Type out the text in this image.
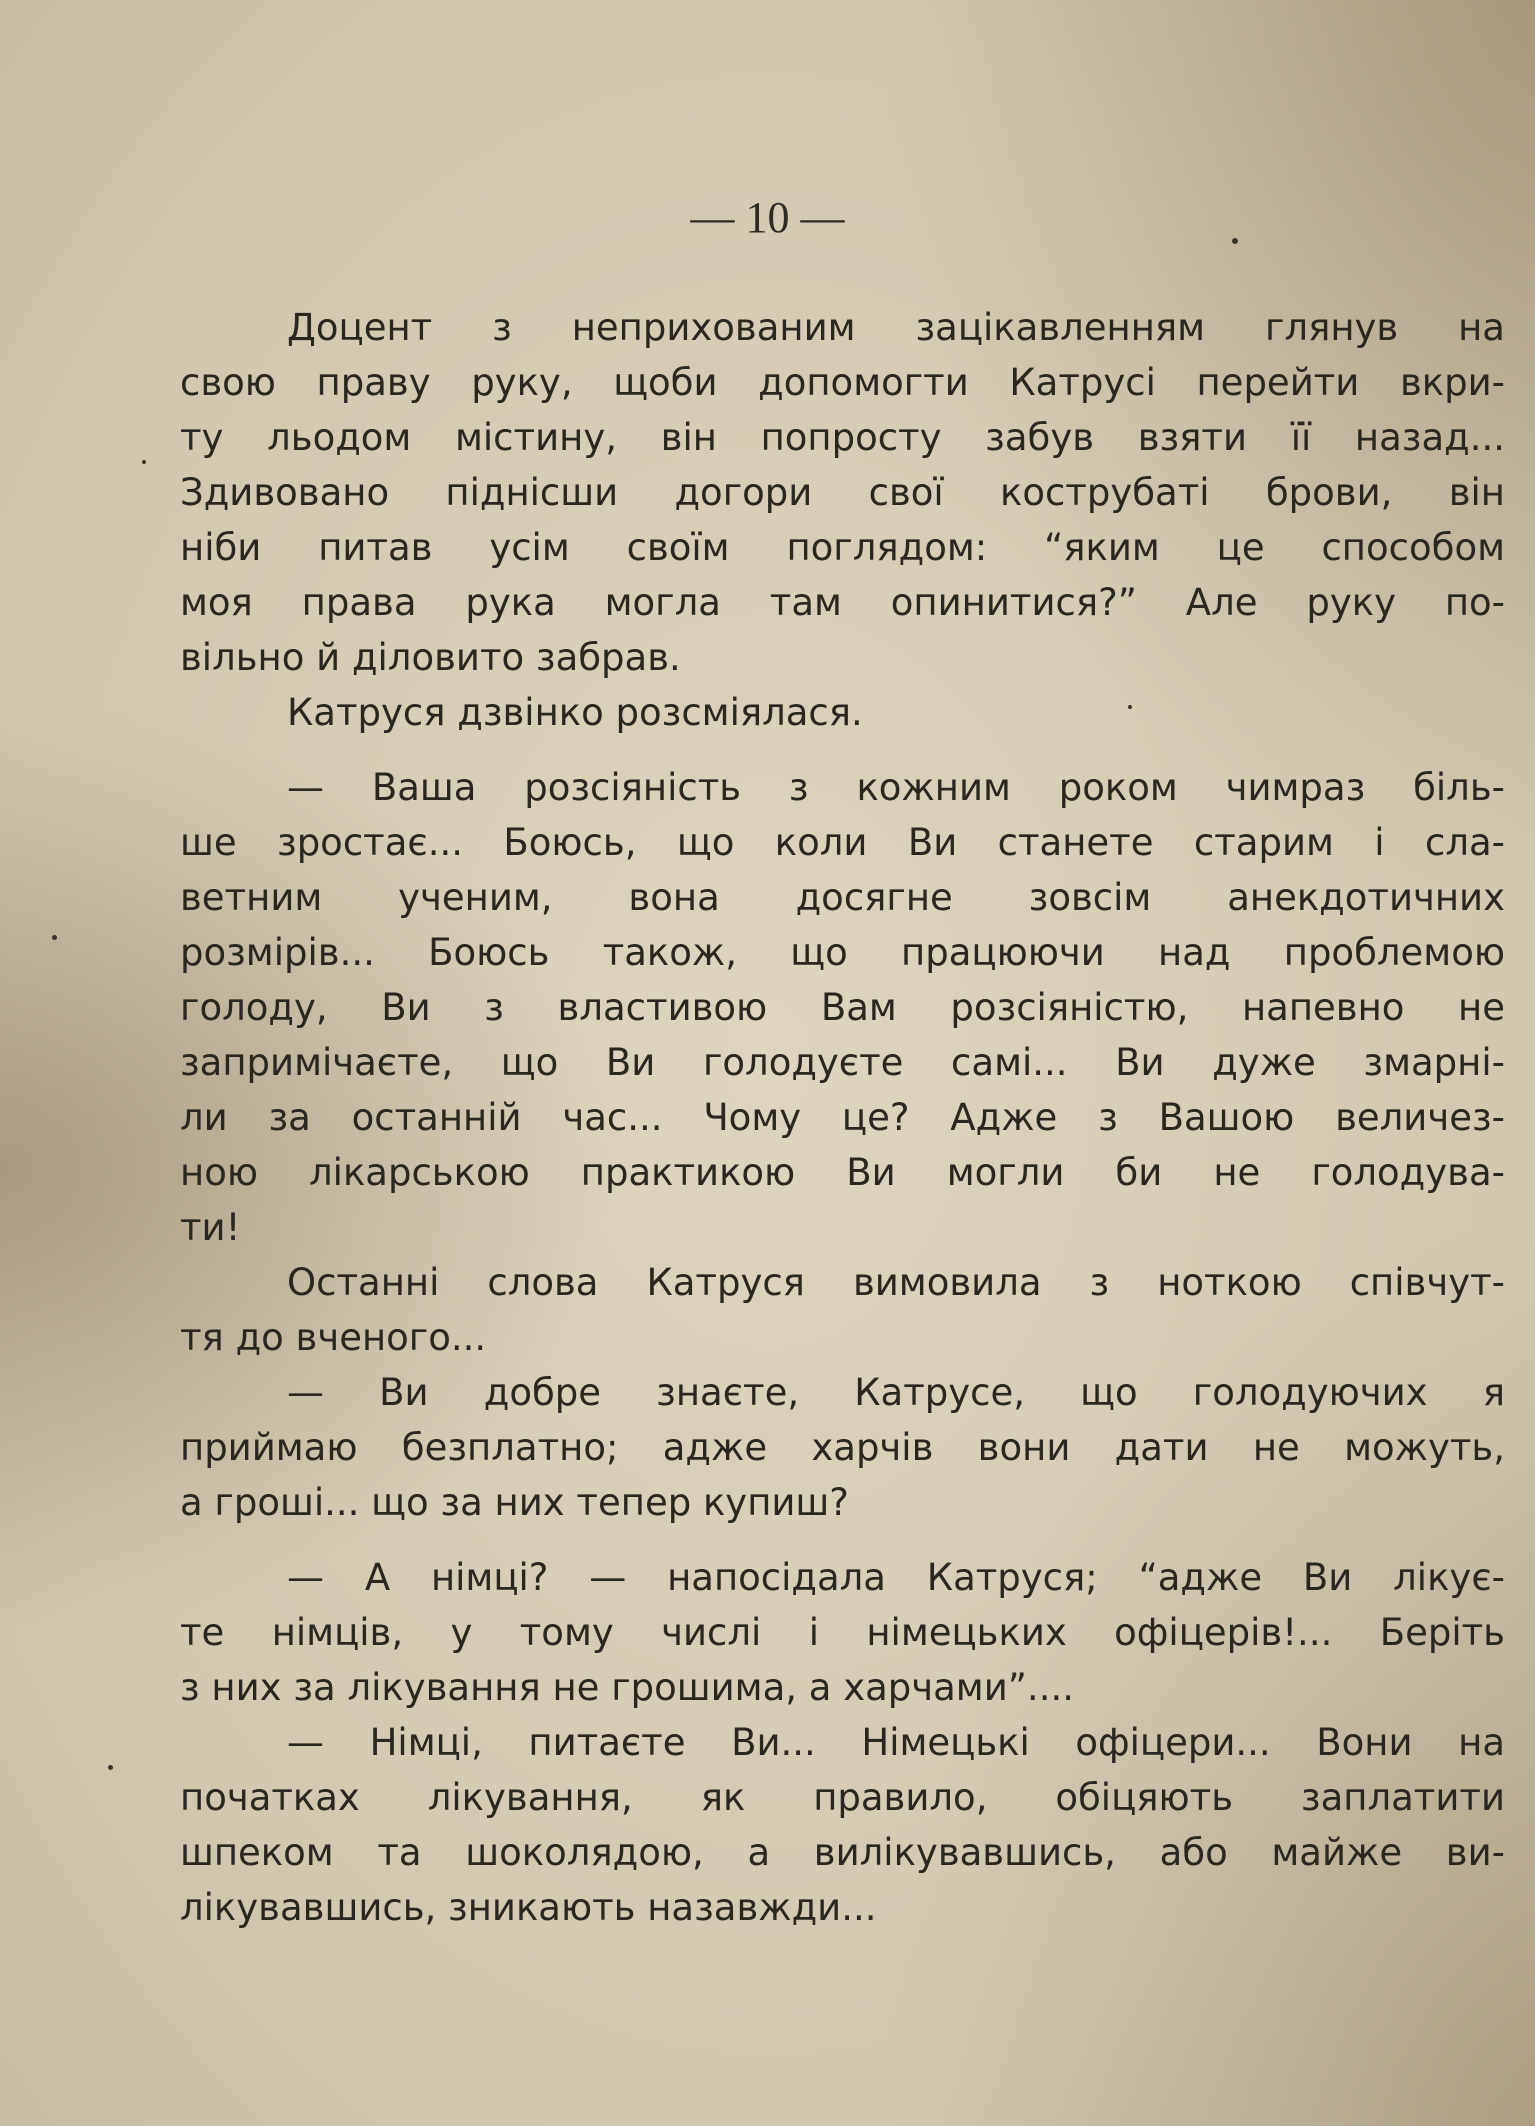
— 10 —
Доцент з неприхованим зацікавленням глянув на
свою праву руку, щоби допомогти Катрусі перейти вкри-
ту льодом містину, він попросту забув взяти її назад...
Здивовано піднісши догори свої кострубаті брови, він
ніби питав усім своїм поглядом: “яким це способом
моя права рука могла там опинитися?” Але руку по-
вільно й діловито забрав.
Катруся дзвінко розсміялася.
— Ваша розсіяність з кожним роком чимраз біль-
ше зростає... Боюсь, що коли Ви станете старим і сла-
ветним ученим, вона досягне зовсім анекдотичних
розмірів... Боюсь також, що працюючи над проблемою
голоду, Ви з властивою Вам розсіяністю, напевно не
запримічаєте, що Ви голодуєте самі... Ви дуже змарні-
ли за останній час... Чому це? Адже з Вашою величез-
ною лікарською практикою Ви могли би не голодува-
ти!
Останні слова Катруся вимовила з ноткою співчут-
тя до вченого...
— Ви добре знаєте, Катрусе, що голодуючих я
приймаю безплатно; адже харчів вони дати не можуть,
а гроші... що за них тепер купиш?
— А німці? — напосідала Катруся; “адже Ви лікує-
те німців, у тому числі і німецьких офіцерів!... Беріть
з них за лікування не грошима, а харчами”....
— Німці, питаєте Ви... Німецькі офіцери... Вони на
початках лікування, як правило, обіцяють заплатити
шпеком та шоколядою, а вилікувавшись, або майже ви-
лікувавшись, зникають назавжди...
